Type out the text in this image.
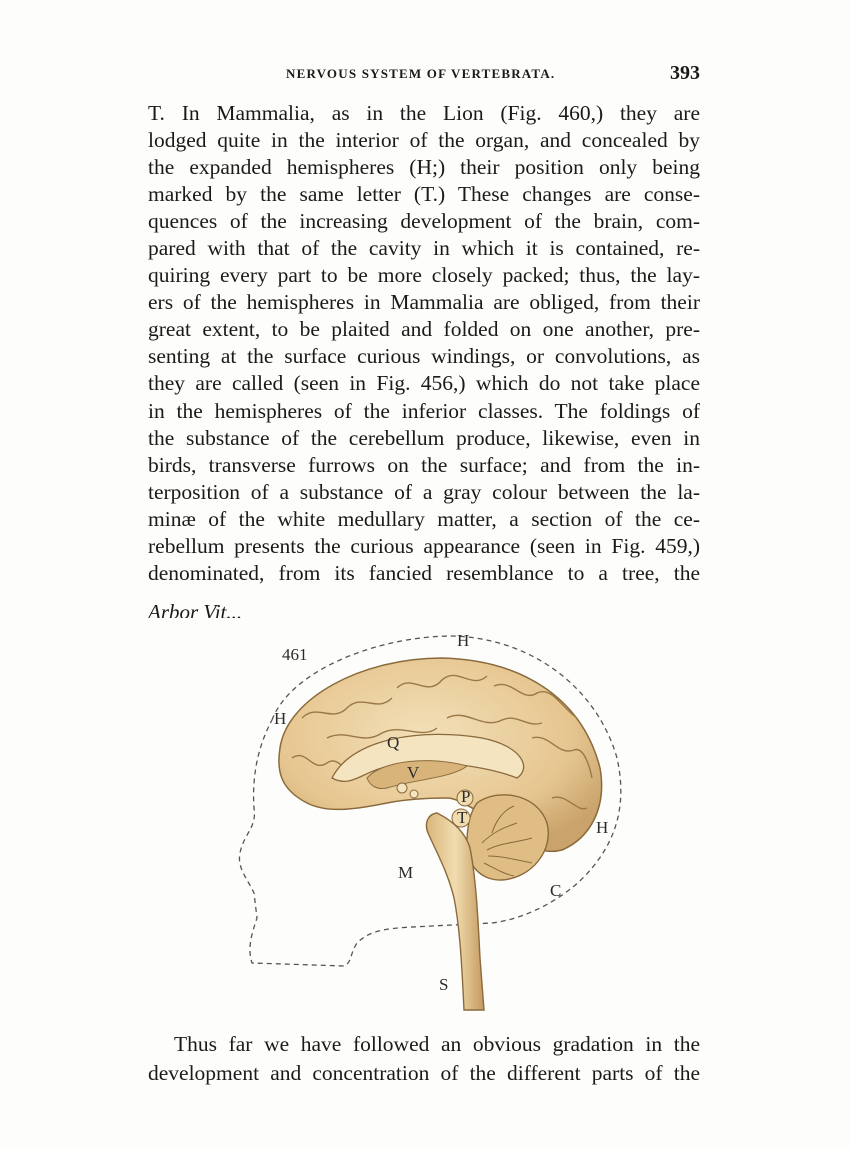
NERVOUS SYSTEM OF VERTEBRATA.	393

T. In Mammalia, as in the Lion (Fig. 460,) they are

lodged quite in the interior of the organ, and concealed by

the expanded hemispheres (H;) their position only being

marked by the same letter (T.) These changes are conse-

quences of the increasing development of the brain, com-

pared with that of the cavity in which it is contained, re-

quiring every part to be more closely packed; thus, the lay-

ers of the hemispheres in Mammalia are obliged, from their

great extent, to be plaited and folded on one another, pre-

senting at the surface curious windings, or convolutions, as

they are called (seen in Fig. 456,) which do not take place

in the hemispheres of the inferior classes. The foldings of

the substance of the cerebellum produce, likewise, even in

birds, transverse furrows on the surface; and from the in-

terposition of a substance of a gray colour between the la-

minæ of the white medullary matter, a section of the ce-

rebellum presents the curious appearance (seen in Fig. 459,)

denominated, from its fancied resemblance to a tree, the

Arbor Vit...
461
H
H
H
Q
V
P
T
M
C
S

Thus far we have followed an obvious gradation in the

development and concentration of the different parts of the
